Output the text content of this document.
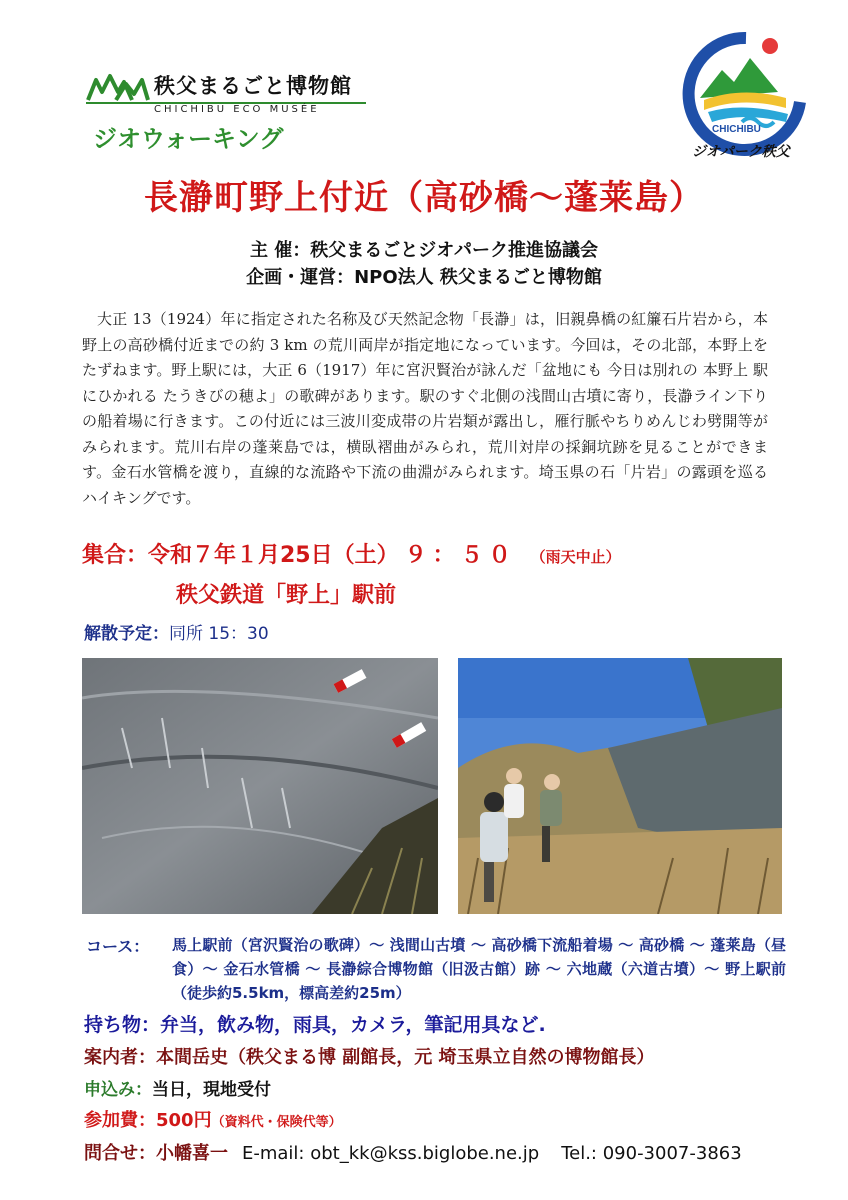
秩父まるごと博物館
CHICHIBU ECO MUSÉE
ジオウォーキング	CHICHIBU
ジオパーク秩父
長瀞町野上付近（高砂橋～蓬莱島）
主 催：秩父まるごとジオパーク推進協議会
企画・運営：NPO法人 秩父まるごと博物館
大正 13（1924）年に指定された名称及び天然記念物「長瀞」は，旧親鼻橋の紅簾石片岩から，本野上の高砂橋付近までの約 3 km の荒川両岸が指定地になっています。今回は，その北部，本野上をたずねます。野上駅には，大正 6（1917）年に宮沢賢治が詠んだ「盆地にも 今日は別れの 本野上 駅にひかれる たうきびの穂よ」の歌碑があります。駅のすぐ北側の浅間山古墳に寄り，長瀞ライン下りの船着場に行きます。この付近には三波川変成帯の片岩類が露出し，雁行脈やちりめんじわ劈開等がみられます。荒川右岸の蓬莱島では，横臥褶曲がみられ，荒川対岸の採銅坑跡を見ることができます。金石水管橋を渡り，直線的な流路や下流の曲淵がみられます。埼玉県の石「片岩」の露頭を巡るハイキングです。
集合：令和７年１月25日（土） ９：５０ （雨天中止）
秩父鉄道「野上」駅前
解散予定：同所 15：30
コース： 馬上駅前（宮沢賢治の歌碑）～ 浅間山古墳 ～ 高砂橋下流船着場 ～ 高砂橋 ～ 蓬莱島（昼食）～ 金石水管橋 ～ 長瀞綜合博物館（旧汲古館）跡 ～ 六地蔵（六道古墳）～ 野上駅前 （徒歩約5.5km，標高差約25m）
持ち物：弁当，飲み物，雨具，カメラ，筆記用具など.
案内者：本間岳史（秩父まる博 副館長，元 埼玉県立自然の博物館長）
申込み：当日，現地受付
参加費：500円（資料代・保険代等）
問合せ：小幡喜一 E-mail: obt_kk@kss.biglobe.ne.jp Tel.: 090-3007-3863
